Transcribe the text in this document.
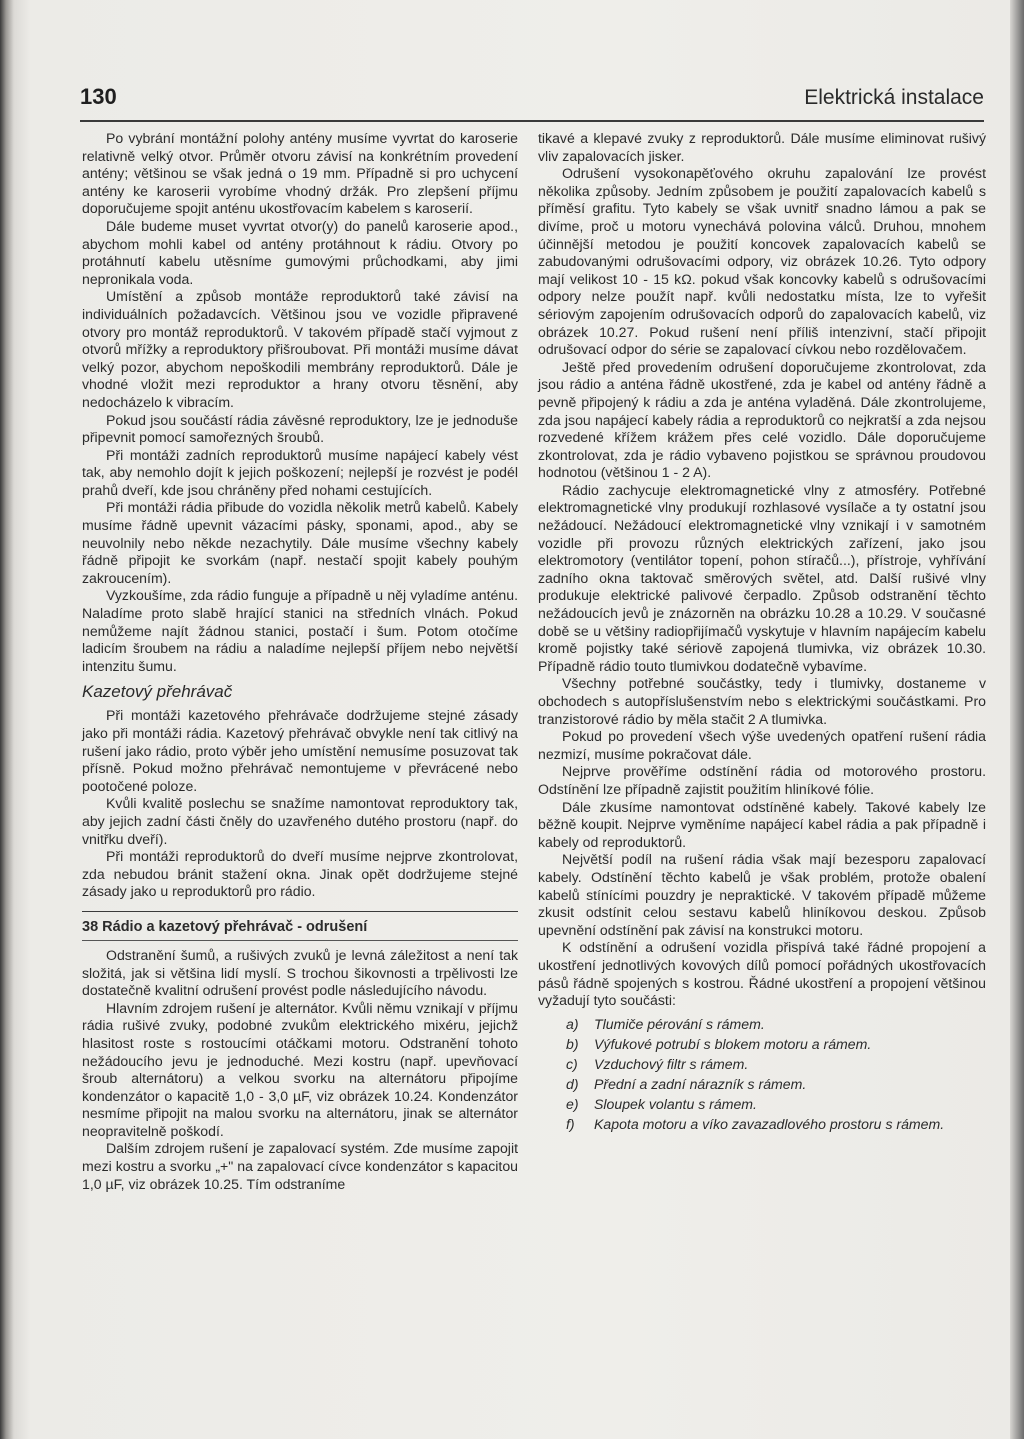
130	Elektrická instalace

Po vybrání montážní polohy antény musíme vyvrtat do karoserie relativně velký otvor. Průměr otvoru závisí na konkrétním provedení antény; většinou se však jedná o 19 mm. Případně si pro uchycení antény ke karoserii vyrobíme vhodný držák. Pro zlepšení příjmu doporučujeme spojit anténu ukostřovacím kabelem s karoserií.

Dále budeme muset vyvrtat otvor(y) do panelů karoserie apod., abychom mohli kabel od antény protáhnout k rádiu. Otvory po protáhnutí kabelu utěsníme gumovými průchodkami, aby jimi nepronikala voda.

Umístění a způsob montáže reproduktorů také závisí na individuálních požadavcích. Většinou jsou ve vozidle připravené otvory pro montáž reproduktorů. V takovém případě stačí vyjmout z otvorů mřížky a reproduktory přišroubovat. Při montáži musíme dávat velký pozor, abychom nepoškodili membrány reproduktorů. Dále je vhodné vložit mezi reproduktor a hrany otvoru těsnění, aby nedocházelo k vibracím.

Pokud jsou součástí rádia závěsné reproduktory, lze je jednoduše připevnit pomocí samořezných šroubů.

Při montáži zadních reproduktorů musíme napájecí kabely vést tak, aby nemohlo dojít k jejich poškození; nejlepší je rozvést je podél prahů dveří, kde jsou chráněny před nohami cestujících.

Při montáži rádia přibude do vozidla několik metrů kabelů. Kabely musíme řádně upevnit vázacími pásky, sponami, apod., aby se neuvolnily nebo někde nezachytily. Dále musíme všechny kabely řádně připojit ke svorkám (např. nestačí spojit kabely pouhým zakroucením).

Vyzkoušíme, zda rádio funguje a případně u něj vyladíme anténu. Naladíme proto slabě hrající stanici na středních vlnách. Pokud nemůžeme najít žádnou stanici, postačí i šum. Potom otočíme ladicím šroubem na rádiu a naladíme nejlepší příjem nebo největší intenzitu šumu.

Kazetový přehrávač

Při montáži kazetového přehrávače dodržujeme stejné zásady jako při montáži rádia. Kazetový přehrávač obvykle není tak citlivý na rušení jako rádio, proto výběr jeho umístění nemusíme posuzovat tak přísně. Pokud možno přehrávač nemontujeme v převrácené nebo pootočené poloze.

Kvůli kvalitě poslechu se snažíme namontovat reproduktory tak, aby jejich zadní části čněly do uzavřeného dutého prostoru (např. do vnitřku dveří).

Při montáži reproduktorů do dveří musíme nejprve zkontrolovat, zda nebudou bránit stažení okna. Jinak opět dodržujeme stejné zásady jako u reproduktorů pro rádio.

38 Rádio a kazetový přehrávač - odrušení

Odstranění šumů, a rušivých zvuků je levná záležitost a není tak složitá, jak si většina lidí myslí. S trochou šikovnosti a trpělivosti lze dostatečně kvalitní odrušení provést podle následujícího návodu.

Hlavním zdrojem rušení je alternátor. Kvůli němu vznikají v příjmu rádia rušivé zvuky, podobné zvukům elektrického mixéru, jejichž hlasitost roste s rostoucími otáčkami motoru. Odstranění tohoto nežádoucího jevu je jednoduché. Mezi kostru (např. upevňovací šroub alternátoru) a velkou svorku na alternátoru připojíme kondenzátor o kapacitě 1,0 - 3,0 µF, viz obrázek 10.24. Kondenzátor nesmíme připojit na malou svorku na alternátoru, jinak se alternátor neopravitelně poškodí.

Dalším zdrojem rušení je zapalovací systém. Zde musíme zapojit mezi kostru a svorku „+" na zapalovací cívce kondenzátor s kapacitou 1,0 µF, viz obrázek 10.25. Tím odstraníme

tikavé a klepavé zvuky z reproduktorů. Dále musíme eliminovat rušivý vliv zapalovacích jisker.

Odrušení vysokonapěťového okruhu zapalování lze provést několika způsoby. Jedním způsobem je použití zapalovacích kabelů s příměsí grafitu. Tyto kabely se však uvnitř snadno lámou a pak se divíme, proč u motoru vynechává polovina válců. Druhou, mnohem účinnější metodou je použití koncovek zapalovacích kabelů se zabudovanými odrušovacími odpory, viz obrázek 10.26. Tyto odpory mají velikost 10 - 15 kΩ. pokud však koncovky kabelů s odrušovacími odpory nelze použít např. kvůli nedostatku místa, lze to vyřešit sériovým zapojením odrušovacích odporů do zapalovacích kabelů, viz obrázek 10.27. Pokud rušení není příliš intenzivní, stačí připojit odrušovací odpor do série se zapalovací cívkou nebo rozdělovačem.

Ještě před provedením odrušení doporučujeme zkontrolovat, zda jsou rádio a anténa řádně ukostřené, zda je kabel od antény řádně a pevně připojený k rádiu a zda je anténa vyladěná. Dále zkontrolujeme, zda jsou napájecí kabely rádia a reproduktorů co nejkratší a zda nejsou rozvedené křížem krážem přes celé vozidlo. Dále doporučujeme zkontrolovat, zda je rádio vybaveno pojistkou se správnou proudovou hodnotou (většinou 1 - 2 A).

Rádio zachycuje elektromagnetické vlny z atmosféry. Potřebné elektromagnetické vlny produkují rozhlasové vysílače a ty ostatní jsou nežádoucí. Nežádoucí elektromagnetické vlny vznikají i v samotném vozidle při provozu různých elektrických zařízení, jako jsou elektromotory (ventilátor topení, pohon stíračů...), přístroje, vyhřívání zadního okna taktovač směrových světel, atd. Další rušivé vlny produkuje elektrické palivové čerpadlo. Způsob odstranění těchto nežádoucích jevů je znázorněn na obrázku 10.28 a 10.29. V současné době se u většiny radiopřijímačů vyskytuje v hlavním napájecím kabelu kromě pojistky také sériově zapojená tlumivka, viz obrázek 10.30. Případně rádio touto tlumivkou dodatečně vybavíme.

Všechny potřebné součástky, tedy i tlumivky, dostaneme v obchodech s autopříslušenstvím nebo s elektrickými součástkami. Pro tranzistorové rádio by měla stačit 2 A tlumivka.

Pokud po provedení všech výše uvedených opatření rušení rádia nezmizí, musíme pokračovat dále.

Nejprve prověříme odstínění rádia od motorového prostoru. Odstínění lze případně zajistit použitím hliníkové fólie.

Dále zkusíme namontovat odstíněné kabely. Takové kabely lze běžně koupit. Nejprve vyměníme napájecí kabel rádia a pak případně i kabely od reproduktorů.

Největší podíl na rušení rádia však mají bezesporu zapalovací kabely. Odstínění těchto kabelů je však problém, protože obalení kabelů stínícími pouzdry je nepraktické. V takovém případě můžeme zkusit odstínit celou sestavu kabelů hliníkovou deskou. Způsob upevnění odstínění pak závisí na konstrukci motoru.

K odstínění a odrušení vozidla přispívá také řádné propojení a ukostření jednotlivých kovových dílů pomocí pořádných ukostřovacích pásů řádně spojených s kostrou. Řádné ukostření a propojení většinou vyžadují tyto součásti:

a) Tlumiče pérování s rámem.
b) Výfukové potrubí s blokem motoru a rámem.
c) Vzduchový filtr s rámem.
d) Přední a zadní nárazník s rámem.
e) Sloupek volantu s rámem.
f)	Kapota motoru a víko zavazadlového prostoru s rámem.
